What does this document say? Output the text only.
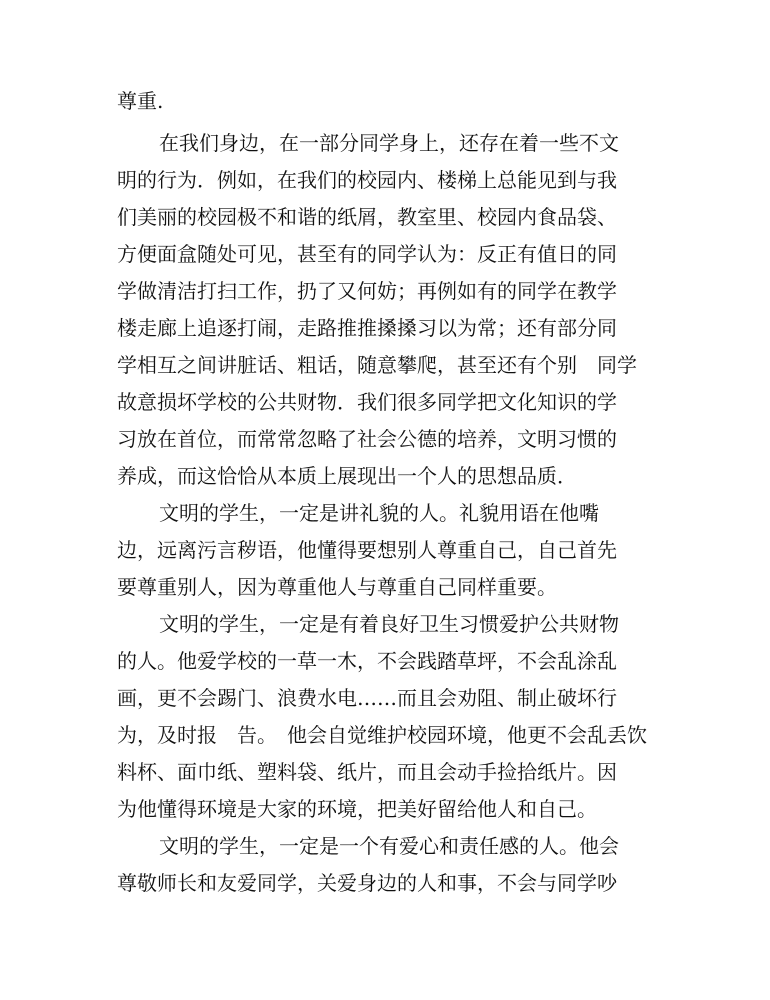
尊重.

在我们身边，在一部分同学身上，还存在着一些不文

明的行为．例如，在我们的校园内、楼梯上总能见到与我

们美丽的校园极不和谐的纸屑，教室里、校园内食品袋、

方便面盒随处可见，甚至有的同学认为：反正有值日的同

学做清洁打扫工作，扔了又何妨；再例如有的同学在教学

楼走廊上追逐打闹，走路推推搡搡习以为常；还有部分同

学相互之间讲脏话、粗话，随意攀爬，甚至还有个别　同学

故意损坏学校的公共财物．我们很多同学把文化知识的学

习放在首位，而常常忽略了社会公德的培养，文明习惯的

养成，而这恰恰从本质上展现出一个人的思想品质．

文明的学生，一定是讲礼貌的人。礼貌用语在他嘴

边，远离污言秽语，他懂得要想别人尊重自己，自己首先

要尊重别人，因为尊重他人与尊重自己同样重要。

文明的学生，一定是有着良好卫生习惯爱护公共财物

的人。他爱学校的一草一木，不会践踏草坪，不会乱涂乱

画，更不会踢门、浪费水电……而且会劝阻、制止破坏行

为，及时报　告。　他会自觉维护校园环境，他更不会乱丢饮

料杯、面巾纸、塑料袋、纸片，而且会动手捡拾纸片。因

为他懂得环境是大家的环境，把美好留给他人和自己。

文明的学生，一定是一个有爱心和责任感的人。他会

尊敬师长和友爱同学，关爱身边的人和事，不会与同学吵
